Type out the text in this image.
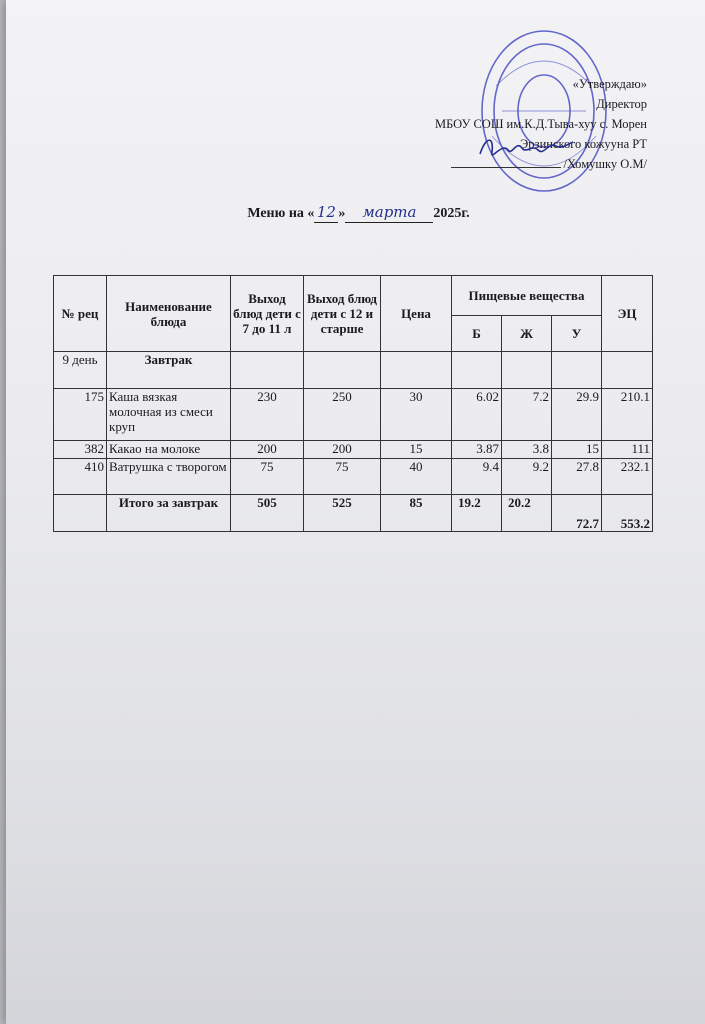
«Утверждаю»
Директор
МБОУ СОШ им.К.Д.Тыва-хуу с. Морен
Эрзинского кожууна РТ
/Хомушку О.М/
Меню на « 12 » марта 2025г.
№ рец	Наименование блюда	Выход блюд дети с 7 до 11 л	Выход блюд дети с 12 и старше	Цена	Пищевые вещества			ЭЦ
					Б	Ж	У	
9 день	Завтрак							
175	Каша вязкая молочная из смеси круп	230	250	30	6.02	7.2	29.9	210.1
382	Какао на молоке	200	200	15	3.87	3.8	15	111
410	Ватрушка с творогом	75	75	40	9.4	9.2	27.8	232.1
	Итого за завтрак	505	525	85	19.2	20.2	72.7	553.2
